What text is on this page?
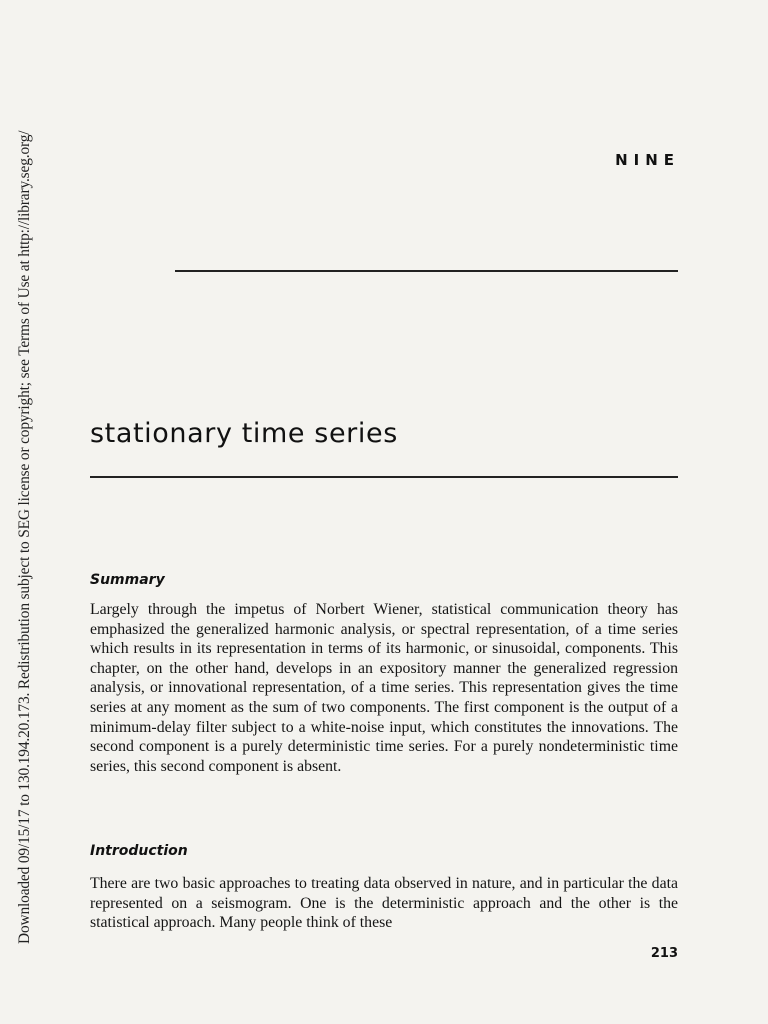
Downloaded 09/15/17 to 130.194.20.173. Redistribution subject to SEG license or copyright; see Terms of Use at http://library.seg.org/	NINE
stationary time series
Summary
Largely through the impetus of Norbert Wiener, statistical communication theory has emphasized the generalized harmonic analysis, or spectral representation, of a time series which results in its representation in terms of its harmonic, or sinusoidal, components. This chapter, on the other hand, develops in an expository manner the generalized regression analysis, or innovational representation, of a time series. This representation gives the time series at any moment as the sum of two components. The first component is the output of a minimum-delay filter subject to a white-noise input, which constitutes the innovations. The second component is a purely deterministic time series. For a purely nondeterministic time series, this second component is absent.
Introduction
There are two basic approaches to treating data observed in nature, and in particular the data represented on a seismogram. One is the deterministic approach and the other is the statistical approach. Many people think of these
213
